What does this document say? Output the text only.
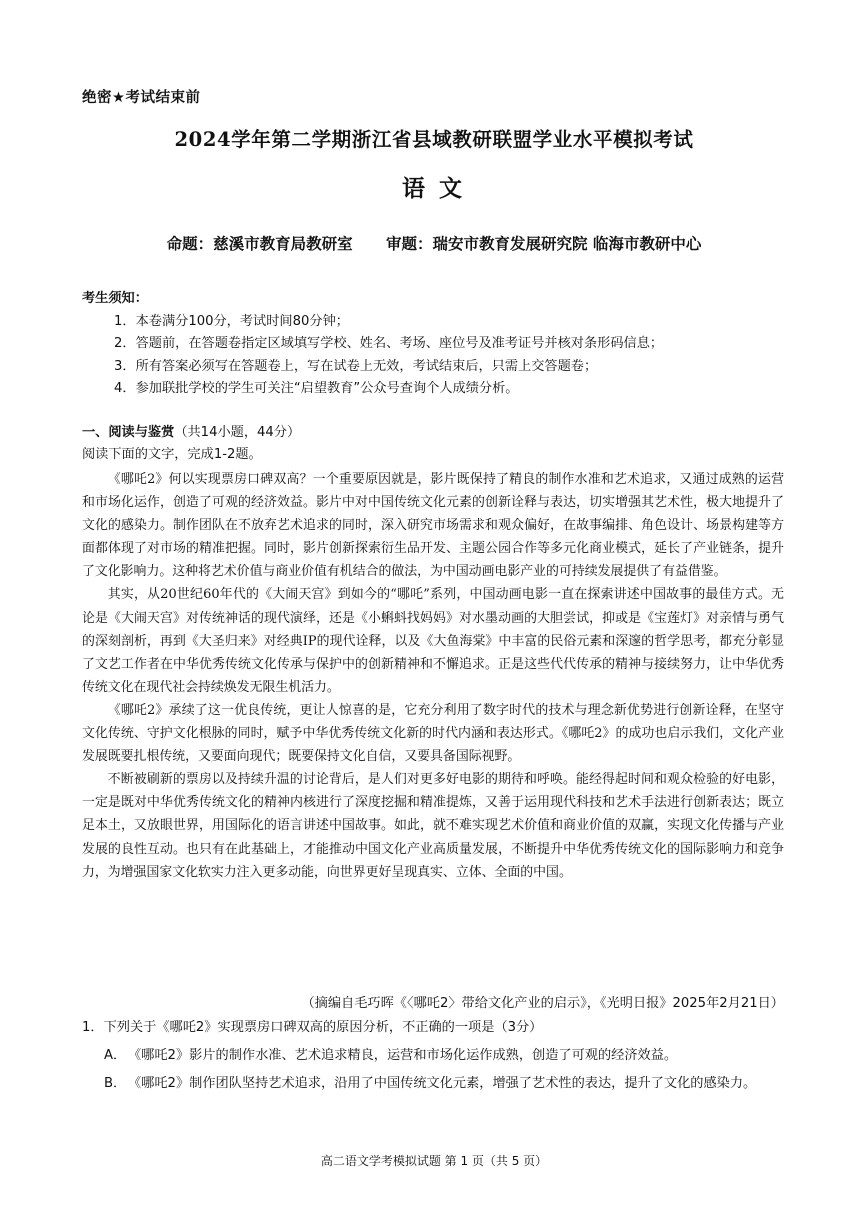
绝密★考试结束前
2024学年第二学期浙江省县域教研联盟学业水平模拟考试
语文
命题：慈溪市教育局教研室 审题：瑞安市教育发展研究院 临海市教研中心
考生须知：
1．本卷满分100分，考试时间80分钟；
2．答题前，在答题卷指定区域填写学校、姓名、考场、座位号及准考证号并核对条形码信息；
3．所有答案必须写在答题卷上，写在试卷上无效，考试结束后，只需上交答题卷；
4．参加联批学校的学生可关注“启望教育”公众号查询个人成绩分析。
一、阅读与鉴赏（共14小题，44分）
阅读下面的文字，完成1-2题。

《哪吒2》何以实现票房口碑双高？一个重要原因就是，影片既保持了精良的制作水准和艺术追求，又通过成熟的运营和市场化运作，创造了可观的经济效益。影片中对中国传统文化元素的创新诠释与表达，切实增强其艺术性，极大地提升了文化的感染力。制作团队在不放弃艺术追求的同时，深入研究市场需求和观众偏好，在故事编排、角色设计、场景构建等方面都体现了对市场的精准把握。同时，影片创新探索衍生品开发、主题公园合作等多元化商业模式，延长了产业链条，提升了文化影响力。这种将艺术价值与商业价值有机结合的做法，为中国动画电影产业的可持续发展提供了有益借鉴。

其实，从20世纪60年代的《大闹天宫》到如今的“哪吒”系列，中国动画电影一直在探索讲述中国故事的最佳方式。无论是《大闹天宫》对传统神话的现代演绎，还是《小蝌蚪找妈妈》对水墨动画的大胆尝试，抑或是《宝莲灯》对亲情与勇气的深刻剖析，再到《大圣归来》对经典IP的现代诠释，以及《大鱼海棠》中丰富的民俗元素和深邃的哲学思考，都充分彰显了文艺工作者在中华优秀传统文化传承与保护中的创新精神和不懈追求。正是这些代代传承的精神与接续努力，让中华优秀传统文化在现代社会持续焕发无限生机活力。

《哪吒2》承续了这一优良传统，更让人惊喜的是，它充分利用了数字时代的技术与理念新优势进行创新诠释，在坚守文化传统、守护文化根脉的同时，赋予中华优秀传统文化新的时代内涵和表达形式。《哪吒2》的成功也启示我们，文化产业发展既要扎根传统，又要面向现代；既要保持文化自信，又要具备国际视野。

不断被刷新的票房以及持续升温的讨论背后，是人们对更多好电影的期待和呼唤。能经得起时间和观众检验的好电影，一定是既对中华优秀传统文化的精神内核进行了深度挖掘和精准提炼，又善于运用现代科技和艺术手法进行创新表达；既立足本土，又放眼世界，用国际化的语言讲述中国故事。如此，就不难实现艺术价值和商业价值的双赢，实现文化传播与产业发展的良性互动。也只有在此基础上，才能推动中国文化产业高质量发展，不断提升中华优秀传统文化的国际影响力和竞争力，为增强国家文化软实力注入更多动能，向世界更好呈现真实、立体、全面的中国。

（摘编自毛巧晖《〈哪吒2〉带给文化产业的启示》，《光明日报》2025年2月21日）

1．下列关于《哪吒2》实现票房口碑双高的原因分析，不正确的一项是（3分）

A． 《哪吒2》影片的制作水准、艺术追求精良，运营和市场化运作成熟，创造了可观的经济效益。
B． 《哪吒2》制作团队坚持艺术追求，沿用了中国传统文化元素，增强了艺术性的表达，提升了文化的感染力。
高二语文学考模拟试题 第 1 页（共 5 页）
